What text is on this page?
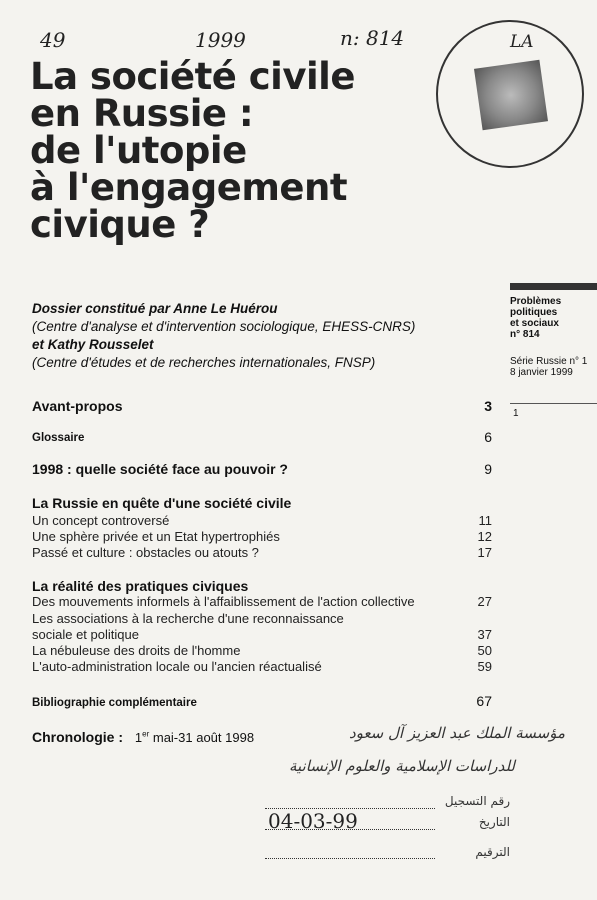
49	1999	n: 814	LA
La société civile
en Russie :
de l'utopie
à l'engagement
civique ?
Dossier constitué par Anne Le Huérou
(Centre d'analyse et d'intervention sociologique, EHESS-CNRS)
et Kathy Rousselet
(Centre d'études et de recherches internationales, FNSP)
Problèmes
politiques
et sociaux
n° 814
Série Russie n° 1
8 janvier 1999
1
Avant-propos	3
Glossaire	6
1998 : quelle société face au pouvoir ?	9
La Russie en quête d'une société civile
Un concept controversé	11
Une sphère privée et un Etat hypertrophiés	12
Passé et culture : obstacles ou atouts ?	17
La réalité des pratiques civiques
Des mouvements informels à l'affaiblissement de l'action collective	27
Les associations à la recherche d'une reconnaissance
sociale et politique	37
La nébuleuse des droits de l'homme	50
L'auto-administration locale ou l'ancien réactualisé	59
Bibliographie complémentaire	67
Chronologie : 1er mai-31 août 1998	مؤسسة الملك عبد العزيز آل سعود
للدراسات الإسلامية والعلوم الإنسانية
رقم التسجيل
04-03-99	التاريخ
الترقيم
